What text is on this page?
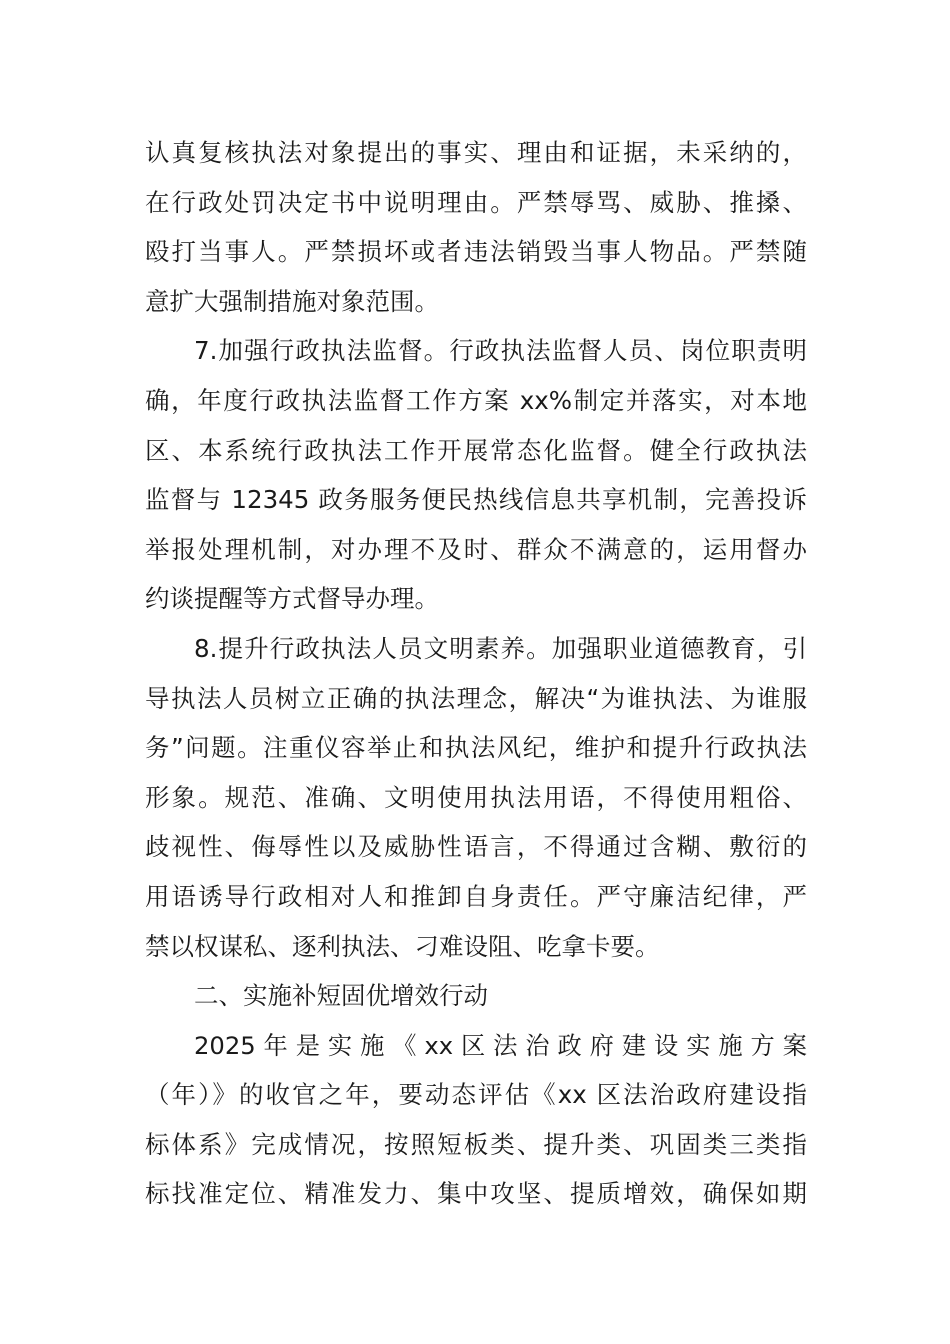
认真复核执法对象提出的事实、理由和证据，未采纳的，
在行政处罚决定书中说明理由。严禁辱骂、威胁、推搡、
殴打当事人。严禁损坏或者违法销毁当事人物品。严禁随
意扩大强制措施对象范围。
7.加强行政执法监督。行政执法监督人员、岗位职责明
确，年度行政执法监督工作方案 xx%制定并落实，对本地
区、本系统行政执法工作开展常态化监督。健全行政执法
监督与 12345 政务服务便民热线信息共享机制，完善投诉
举报处理机制，对办理不及时、群众不满意的，运用督办
约谈提醒等方式督导办理。
8.提升行政执法人员文明素养。加强职业道德教育，引
导执法人员树立正确的执法理念，解决“为谁执法、为谁服
务”问题。注重仪容举止和执法风纪，维护和提升行政执法
形象。规范、准确、文明使用执法用语，不得使用粗俗、
歧视性、侮辱性以及威胁性语言，不得通过含糊、敷衍的
用语诱导行政相对人和推卸自身责任。严守廉洁纪律，严
禁以权谋私、逐利执法、刁难设阻、吃拿卡要。
二、实施补短固优增效行动
2025 年 是 实 施 《 xx 区 法 治 政 府 建 设 实 施 方 案
（年）》的收官之年，要动态评估《xx 区法治政府建设指
标体系》完成情况，按照短板类、提升类、巩固类三类指
标找准定位、精准发力、集中攻坚、提质增效，确保如期
